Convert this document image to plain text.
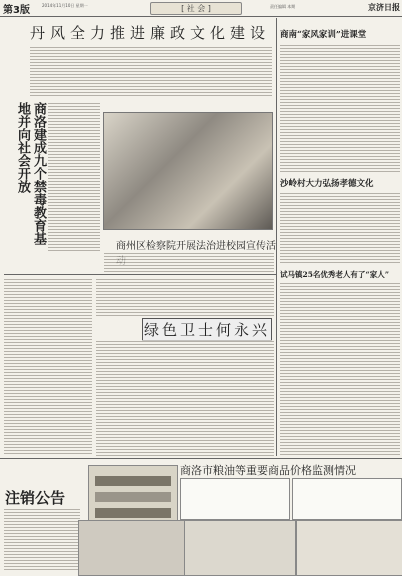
第3版	2014年11月10日 星期一	[ 社 会 ]	责任编辑 本期	京济日报
丹风全力推进廉政文化建设
商洛建成九个禁毒教育基地并向社会开放
商州区检察院开展法治进校园宣传活
绿色卫士何永兴
商南“家风家训”进课堂
沙岭村大力弘扬孝德文化
试马镇25名优秀老人有了“家人”
注销公告
商洛市粮油等重要商品价格监测情况
